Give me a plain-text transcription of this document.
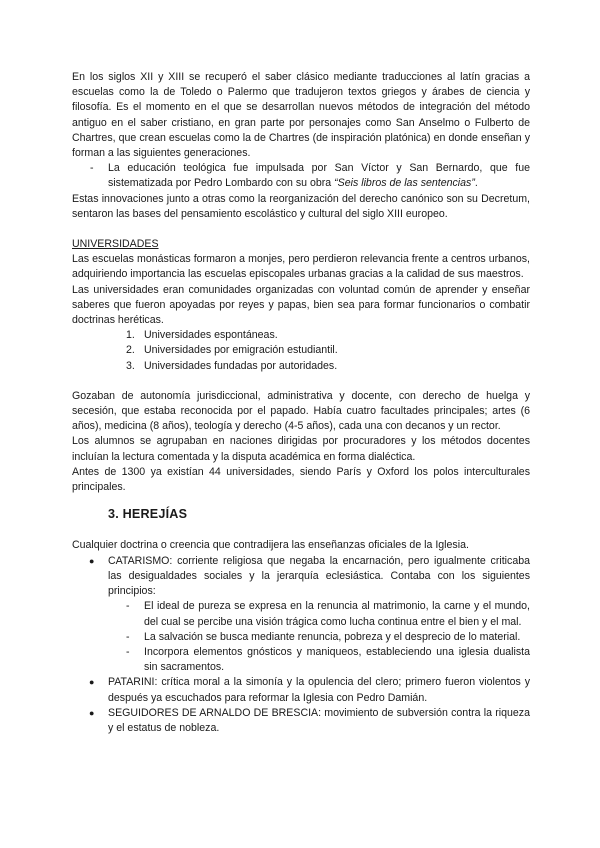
En los siglos XII y XIII se recuperó el saber clásico mediante traducciones al latín gracias a escuelas como la de Toledo o Palermo que tradujeron textos griegos y árabes de ciencia y filosofía. Es el momento en el que se desarrollan nuevos métodos de integración del método antiguo en el saber cristiano, en gran parte por personajes como San Anselmo o Fulberto de Chartres, que crean escuelas como la de Chartres (de inspiración platónica) en donde enseñan y forman a las siguientes generaciones.

- La educación teológica fue impulsada por San Víctor y San Bernardo, que fue sistematizada por Pedro Lombardo con su obra “Seis libros de las sentencias”.

Estas innovaciones junto a otras como la reorganización del derecho canónico son su Decretum, sentaron las bases del pensamiento escolástico y cultural del siglo XIII europeo.

UNIVERSIDADES

Las escuelas monásticas formaron a monjes, pero perdieron relevancia frente a centros urbanos, adquiriendo importancia las escuelas episcopales urbanas gracias a la calidad de sus maestros.

Las universidades eran comunidades organizadas con voluntad común de aprender y enseñar saberes que fueron apoyadas por reyes y papas, bien sea para formar funcionarios o combatir doctrinas heréticas.

1. Universidades espontáneas.
2. Universidades por emigración estudiantil.
3. Universidades fundadas por autoridades.

Gozaban de autonomía jurisdiccional, administrativa y docente, con derecho de huelga y secesión, que estaba reconocida por el papado. Había cuatro facultades principales; artes (6 años), medicina (8 años), teología y derecho (4-5 años), cada una con decanos y un rector.

Los alumnos se agrupaban en naciones dirigidas por procuradores y los métodos docentes incluían la lectura comentada y la disputa académica en forma dialéctica.

Antes de 1300 ya existían 44 universidades, siendo París y Oxford los polos interculturales principales.

3. HEREJÍAS

Cualquier doctrina o creencia que contradijera las enseñanzas oficiales de la Iglesia.

● CATARISMO: corriente religiosa que negaba la encarnación, pero igualmente criticaba las desigualdades sociales y la jerarquía eclesiástica. Contaba con los siguientes principios:
- El ideal de pureza se expresa en la renuncia al matrimonio, la carne y el mundo, del cual se percibe una visión trágica como lucha continua entre el bien y el mal.
- La salvación se busca mediante renuncia, pobreza y el desprecio de lo material.
- Incorpora elementos gnósticos y maniqueos, estableciendo una iglesia dualista sin sacramentos.
● PATARINI: crítica moral a la simonía y la opulencia del clero; primero fueron violentos y después ya escuchados para reformar la Iglesia con Pedro Damián.
● SEGUIDORES DE ARNALDO DE BRESCIA: movimiento de subversión contra la riqueza y el estatus de nobleza.
